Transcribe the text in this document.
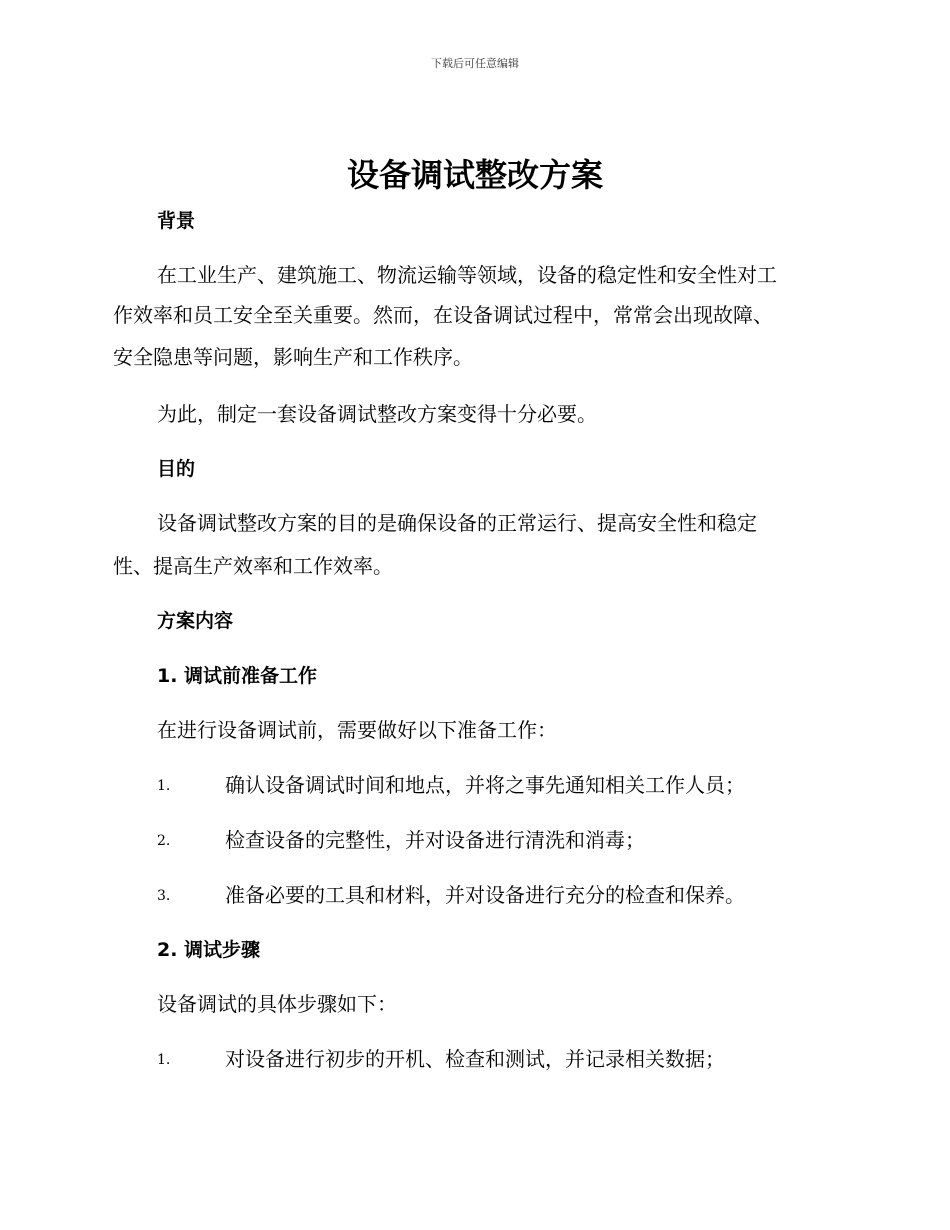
下载后可任意编辑
设备调试整改方案
背景
在工业生产、建筑施工、物流运输等领域，设备的稳定性和安全性对工
作效率和员工安全至关重要。然而，在设备调试过程中，常常会出现故障、
安全隐患等问题，影响生产和工作秩序。
为此，制定一套设备调试整改方案变得十分必要。
目的
设备调试整改方案的目的是确保设备的正常运行、提高安全性和稳定
性、提高生产效率和工作效率。
方案内容
1. 调试前准备工作
在进行设备调试前，需要做好以下准备工作：
1.	确认设备调试时间和地点，并将之事先通知相关工作人员；
2.	检查设备的完整性，并对设备进行清洗和消毒；
3.	准备必要的工具和材料，并对设备进行充分的检查和保养。
2. 调试步骤
设备调试的具体步骤如下：
1.	对设备进行初步的开机、检查和测试，并记录相关数据；
